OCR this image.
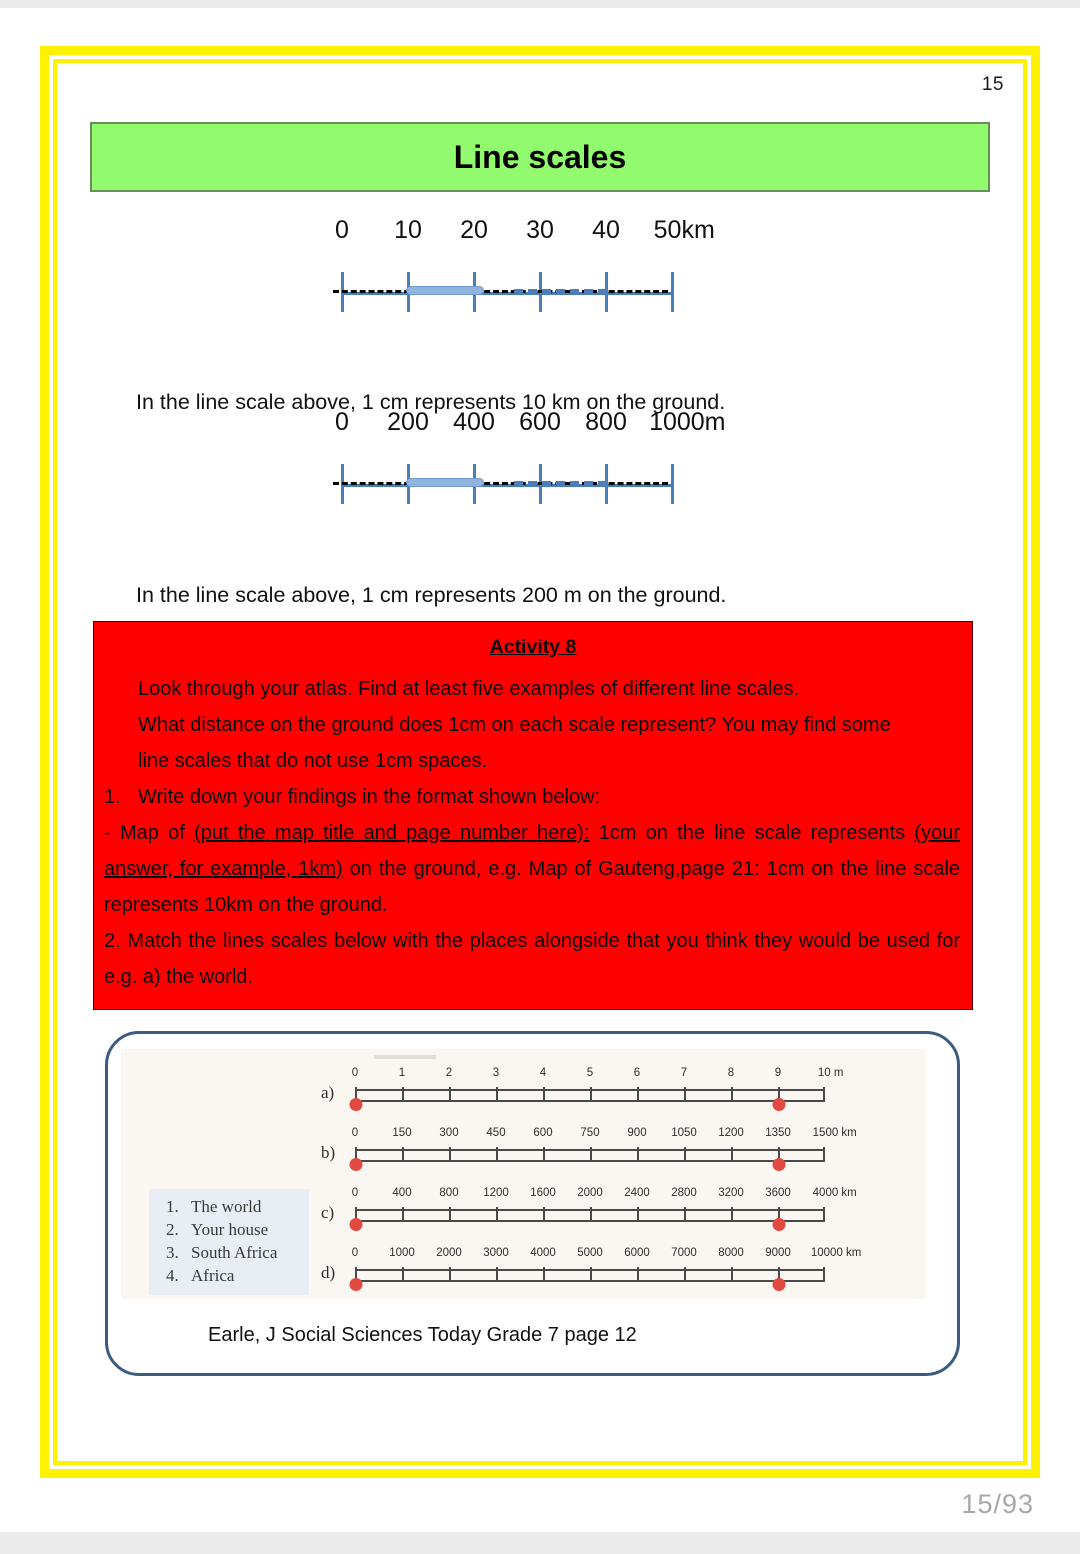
15
Line scales
0 10 20 30 40 50km
In the line scale above, 1 cm represents 10 km on the ground.
0 200 400 600 800 1000m
In the line scale above, 1 cm represents 200 m on the ground.
Activity 8

Look through your atlas. Find at least five examples of different line scales.

What distance on the ground does 1cm on each scale represent? You may find some

line scales that do not use 1cm spaces.

1. Write down your findings in the format shown below:

- Map of (put the map title and page number here): 1cm on the line scale represents (your answer, for example, 1km) on the ground, e.g. Map of Gauteng,page 21: 1cm on the line scale represents 10km on the ground.

2. Match the lines scales below with the places alongside that you think they would be used for e.g. a) the world.

1. The world
2. Your house
3. South Africa
4. Africa
a)
0	1	2	3	4	5	6	7	8	9	10 m
b)
0	150 300 450 600 750 900 1050 1200 1350 1500 km
c)
0	400 800 1200 1600 2000 2400 2800 3200 3600 4000 km
d)
0	1000 2000 3000 4000 5000 6000 7000 8000 9000 10000 km
Earle, J Social Sciences Today Grade 7 page 12
15/93
